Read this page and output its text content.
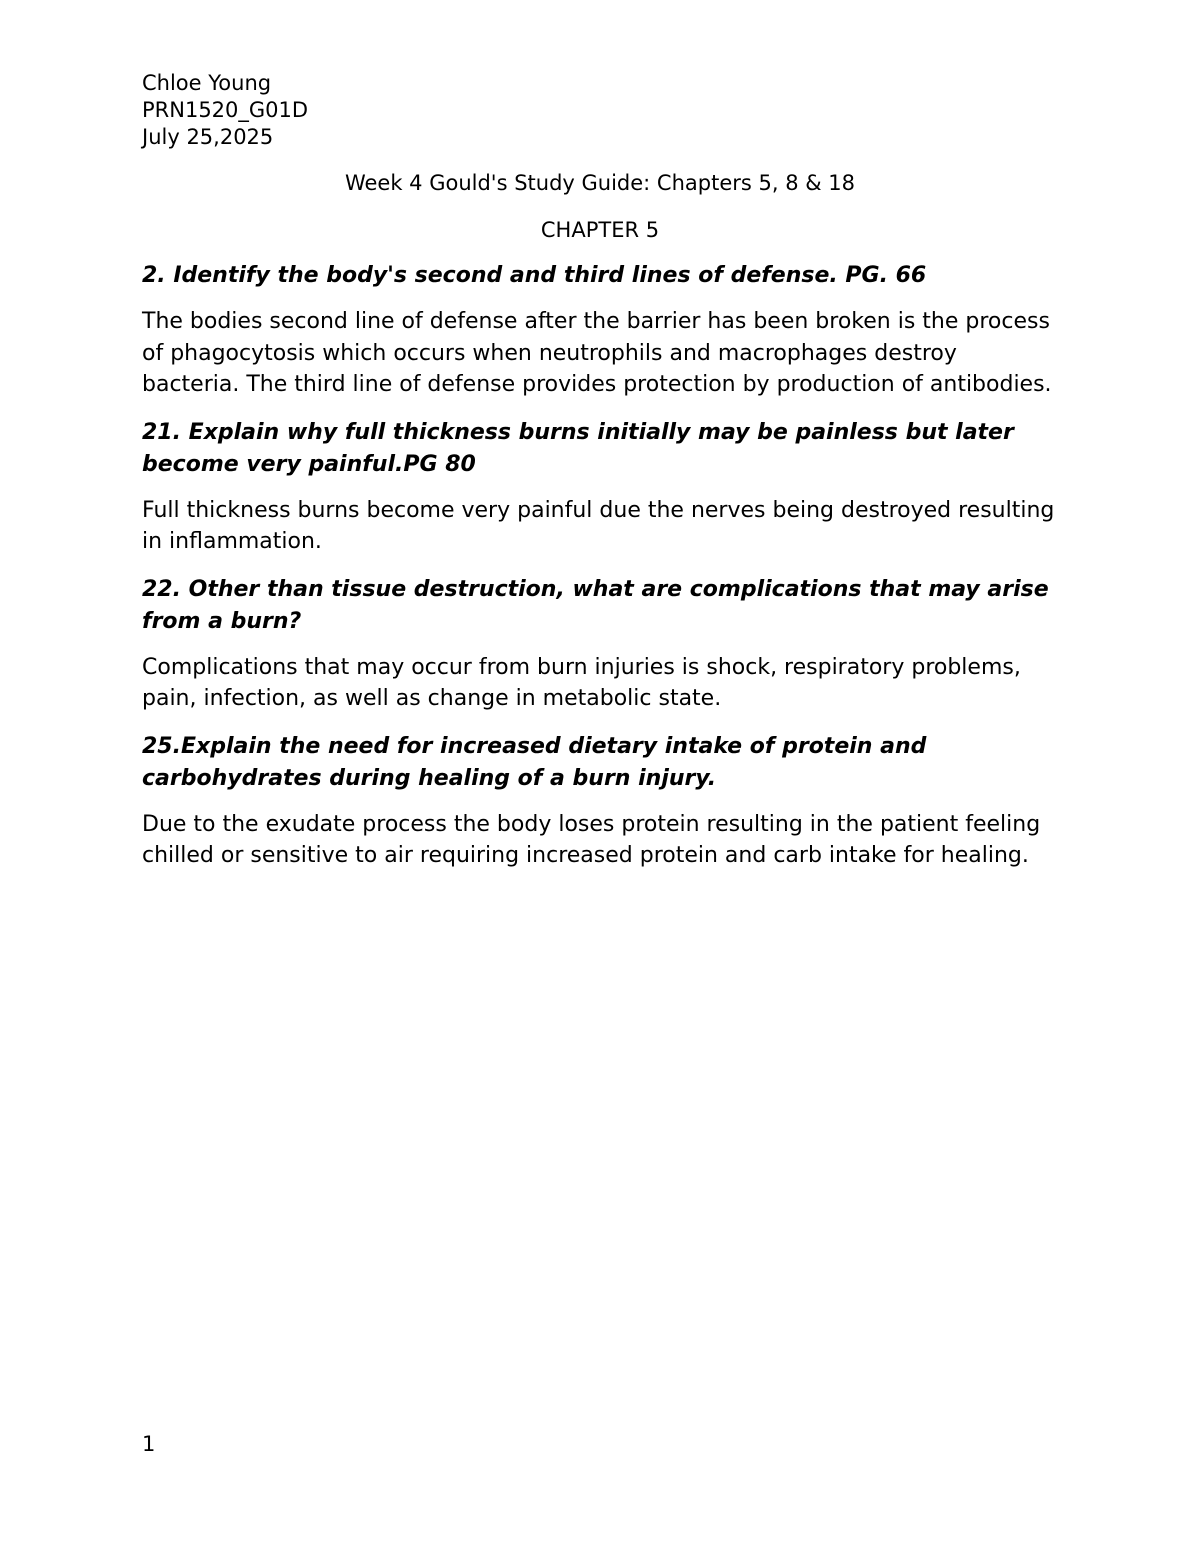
Chloe Young

PRN1520_G01D

July 25,2025

Week 4 Gould's Study Guide: Chapters 5, 8 & 18

CHAPTER 5

2. Identify the body's second and third lines of defense. PG. 66

The bodies second line of defense after the barrier has been broken is the process of phagocytosis which occurs when neutrophils and macrophages destroy bacteria. The third line of defense provides protection by production of antibodies.

21. Explain why full thickness burns initially may be painless but later become very painful.PG 80

Full thickness burns become very painful due the nerves being destroyed resulting in inflammation.

22. Other than tissue destruction, what are complications that may arise from a burn?

Complications that may occur from burn injuries is shock, respiratory problems, pain, infection, as well as change in metabolic state.

25.Explain the need for increased dietary intake of protein and carbohydrates during healing of a burn injury.

Due to the exudate process the body loses protein resulting in the patient feeling chilled or sensitive to air requiring increased protein and carb intake for healing.

1
